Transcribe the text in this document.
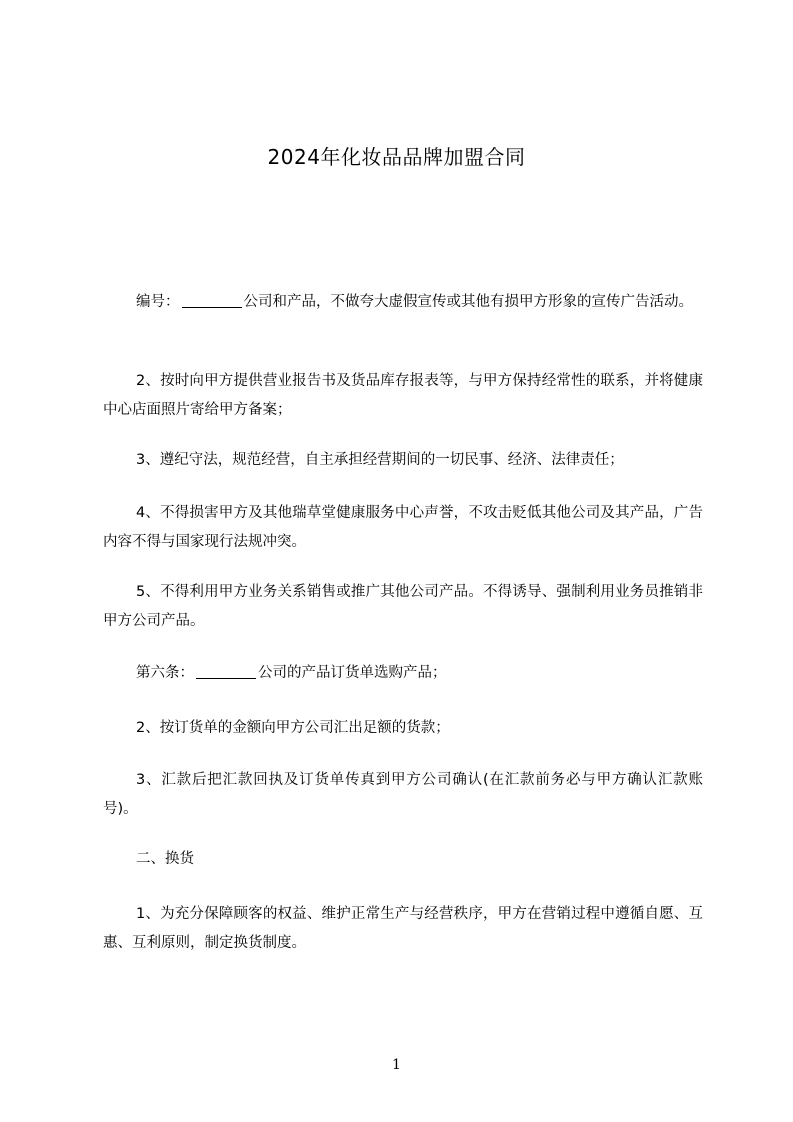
2024年化妆品品牌加盟合同

编号：	公司和产品，不做夸大虚假宣传或其他有损甲方形象的宣传广告活动。

2、按时向甲方提供营业报告书及货品库存报表等，与甲方保持经常性的联系，并将健康中心店面照片寄给甲方备案；

3、遵纪守法，规范经营，自主承担经营期间的一切民事、经济、法律责任；

4、不得损害甲方及其他瑞草堂健康服务中心声誉，不攻击贬低其他公司及其产品，广告内容不得与国家现行法规冲突。

5、不得利用甲方业务关系销售或推广其他公司产品。不得诱导、强制利用业务员推销非甲方公司产品。

第六条：	公司的产品订货单选购产品；

2、按订货单的金额向甲方公司汇出足额的货款；

3、汇款后把汇款回执及订货单传真到甲方公司确认(在汇款前务必与甲方确认汇款账号)。

二、换货

1、为充分保障顾客的权益、维护正常生产与经营秩序，甲方在营销过程中遵循自愿、互惠、互利原则，制定换货制度。

1
